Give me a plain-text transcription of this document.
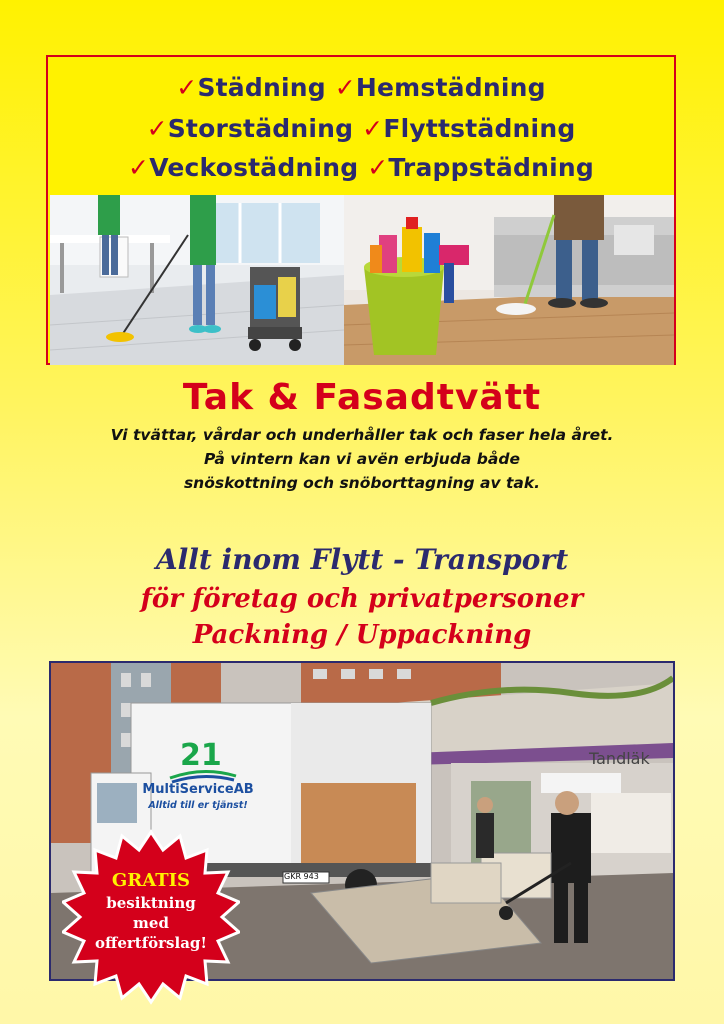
✓Städning ✓Hemstädning
✓Storstädning ✓Flyttstädning
✓Veckostädning ✓Trappstädning
Tak & Fasadtvätt
Vi tvättar, vårdar och underhåller tak och faser hela året.
På vintern kan vi avën erbjuda både
snöskottning och snöborttagning av tak.
Allt inom Flytt - Transport
för företag och privatpersoner
Packning / Uppackning
Tandläk
GKR 943
21
MultiServiceAB
Alltid till er tjänst!
GRATIS
besiktning
med
offertförslag!
